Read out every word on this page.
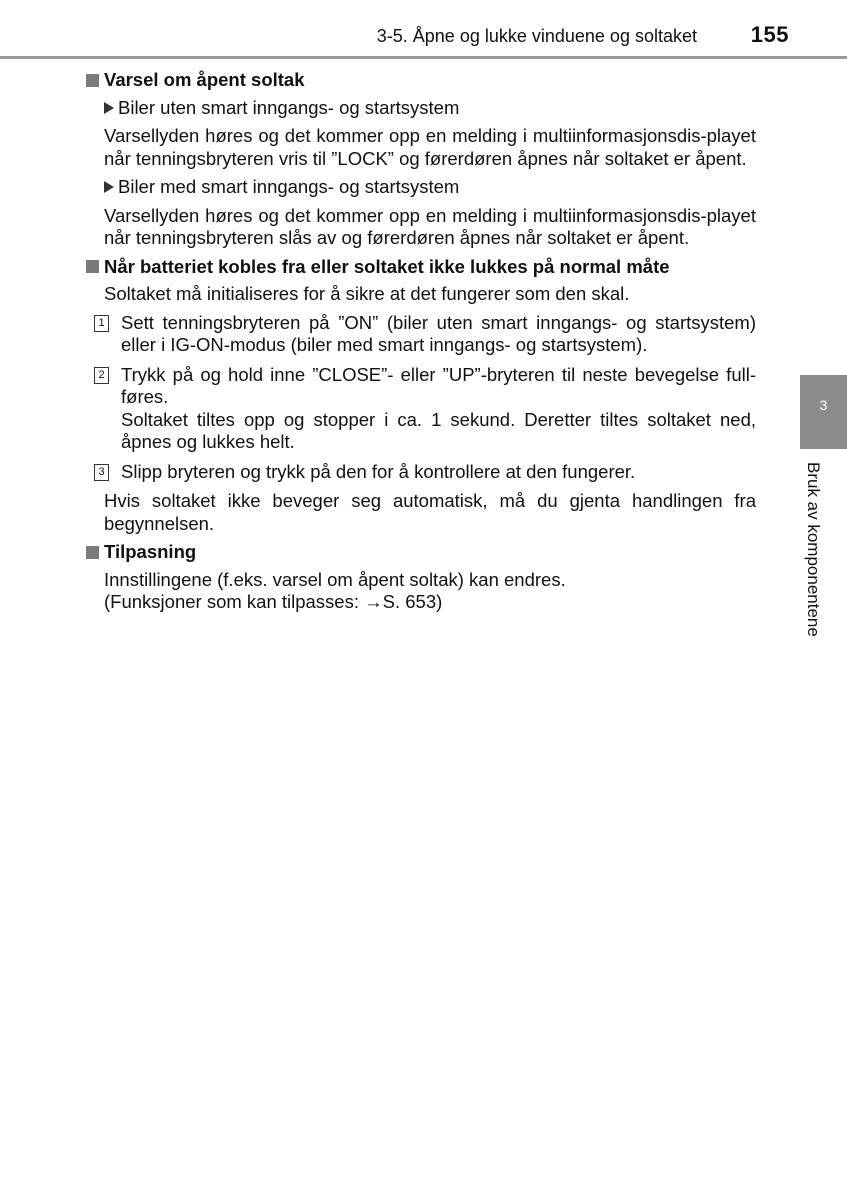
3-5. Åpne og lukke vinduene og soltaket 155
Varsel om åpent soltak
Biler uten smart inngangs- og startsystem
Varsellyden høres og det kommer opp en melding i multiinformasjonsdis-playet når tenningsbryteren vris til ”LOCK” og førerdøren åpnes når soltaket er åpent.
Biler med smart inngangs- og startsystem
Varsellyden høres og det kommer opp en melding i multiinformasjonsdis-playet når tenningsbryteren slås av og førerdøren åpnes når soltaket er åpent.
Når batteriet kobles fra eller soltaket ikke lukkes på normal måte
Soltaket må initialiseres for å sikre at det fungerer som den skal.
1 Sett tenningsbryteren på ”ON” (biler uten smart inngangs- og startsystem) eller i IG-ON-modus (biler med smart inngangs- og startsystem).

2 Trykk på og hold inne ”CLOSE”- eller ”UP”-bryteren til neste bevegelse full-føres.

Soltaket tiltes opp og stopper i ca. 1 sekund. Deretter tiltes soltaket ned, åpnes og lukkes helt.

3 Slipp bryteren og trykk på den for å kontrollere at den fungerer.

Hvis soltaket ikke beveger seg automatisk, må du gjenta handlingen fra begynnelsen.
Tilpasning
Innstillingene (f.eks. varsel om åpent soltak) kan endres.
(Funksjoner som kan tilpasses: →S. 653)
3
Bruk av komponentene
